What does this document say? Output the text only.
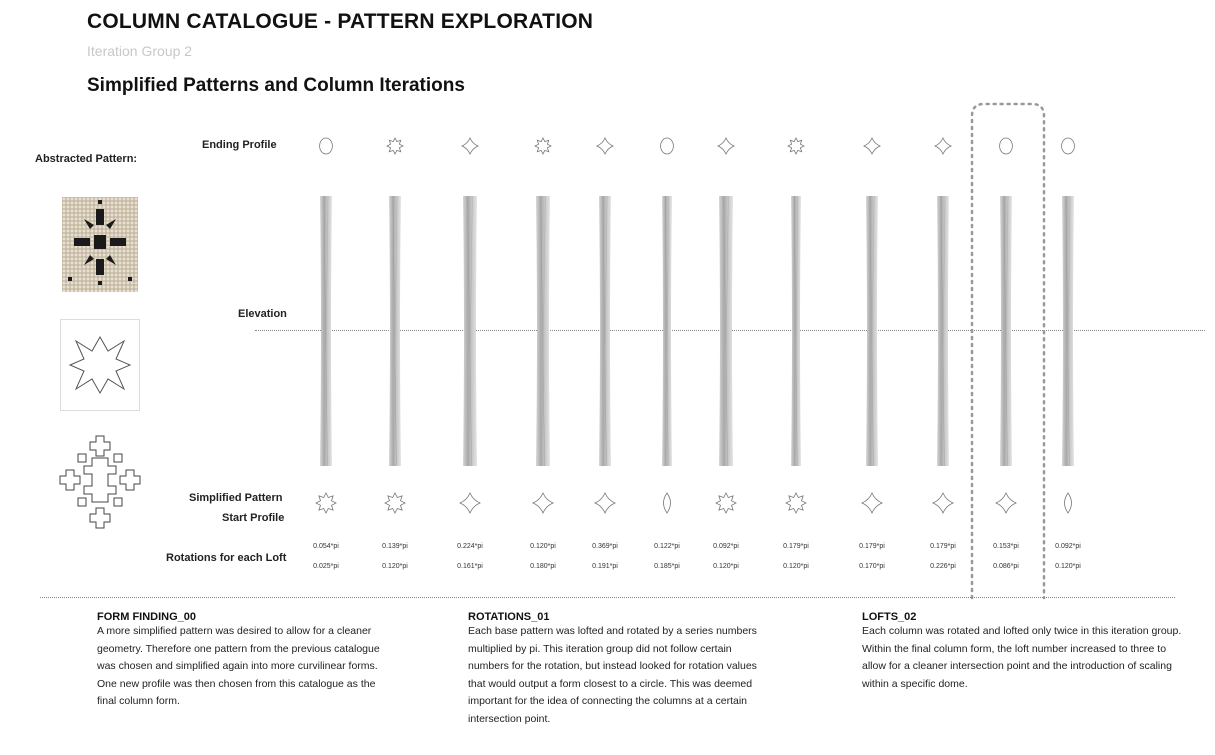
COLUMN CATALOGUE - PATTERN EXPLORATION
Iteration Group 2
Simplified Patterns and Column Iterations
Abstracted Pattern:
Ending Profile
Elevation
Simplified Pattern
Start Profile
Rotations for each Loft
0.054*pi
0.025*pi
0.139*pi
0.120*pi
0.224*pi
0.161*pi
0.120*pi
0.180*pi
0.369*pi
0.191*pi
0.122*pi
0.185*pi
0.092*pi
0.120*pi
0.179*pi
0.120*pi
0.179*pi
0.170*pi
0.179*pi
0.226*pi
0.153*pi
0.086*pi
0.092*pi
0.120*pi
FORM FINDING_00
A more simplified pattern was desired to allow for a cleaner geometry. Therefore one pattern from the previous catalogue was chosen and simplified again into more curvilinear forms. One new profile was then chosen from this catalogue as the final column form.
ROTATIONS_01
Each base pattern was lofted and rotated by a series numbers multiplied by pi. This iteration group did not follow certain numbers for the rotation, but instead looked for rotation values that would output a form closest to a circle. This was deemed important for the idea of connecting the columns at a certain intersection point.
LOFTS_02
Each column was rotated and lofted only twice in this iteration group. Within the final column form, the loft number increased to three to allow for a cleaner intersection point and the introduction of scaling within a specific dome.
